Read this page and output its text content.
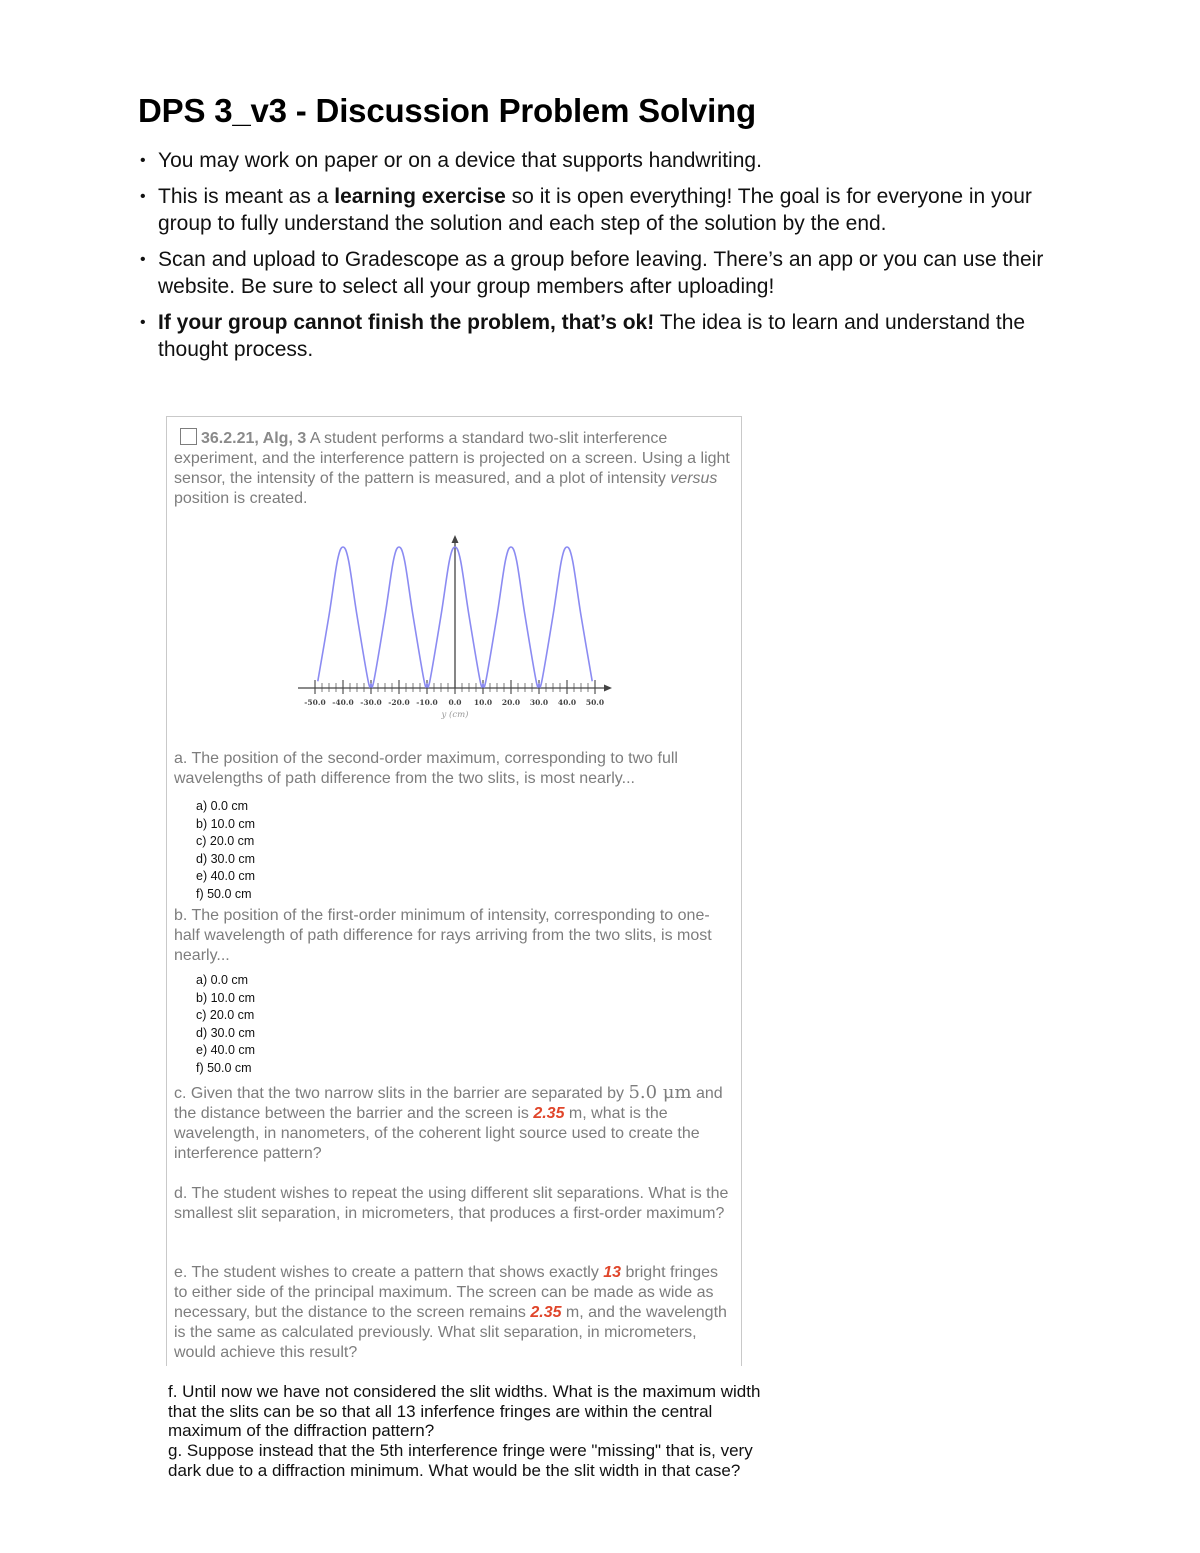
DPS 3_v3 - Discussion Problem Solving
• You may work on paper or on a device that supports handwriting.
• This is meant as a learning exercise so it is open everything! The goal is for everyone in your group to fully understand the solution and each step of the solution by the end.
• Scan and upload to Gradescope as a group before leaving. There’s an app or you can use their website. Be sure to select all your group members after uploading!
• If your group cannot finish the problem, that’s ok! The idea is to learn and understand the thought process.

36.2.21, Alg, 3 A student performs a standard two-slit interference experiment, and the interference pattern is projected on a screen. Using a light sensor, the intensity of the pattern is measured, and a plot of intensity versus position is created.

-50.0 -40.0 -30.0 -20.0 -10.0 0.0 10.0 20.0 30.0 40.0 50.0
y (cm)

a. The position of the second-order maximum, corresponding to two full wavelengths of path difference from the two slits, is most nearly...

a) 0.0 cm
b) 10.0 cm
c) 20.0 cm
d) 30.0 cm
e) 40.0 cm
f) 50.0 cm

b. The position of the first-order minimum of intensity, corresponding to one-half wavelength of path difference for rays arriving from the two slits, is most nearly...

a) 0.0 cm
b) 10.0 cm
c) 20.0 cm
d) 30.0 cm
e) 40.0 cm
f) 50.0 cm

c. Given that the two narrow slits in the barrier are separated by 5.0 μm and the distance between the barrier and the screen is 2.35 m, what is the wavelength, in nanometers, of the coherent light source used to create the interference pattern?

d. The student wishes to repeat the using different slit separations. What is the smallest slit separation, in micrometers, that produces a first-order maximum?

e. The student wishes to create a pattern that shows exactly 13 bright fringes to either side of the principal maximum. The screen can be made as wide as necessary, but the distance to the screen remains 2.35 m, and the wavelength is the same as calculated previously. What slit separation, in micrometers, would achieve this result?

f. Until now we have not considered the slit widths. What is the maximum width that the slits can be so that all 13 inferfence fringes are within the central maximum of the diffraction pattern?

g. Suppose instead that the 5th interference fringe were "missing" that is, very dark due to a diffraction minimum. What would be the slit width in that case?
